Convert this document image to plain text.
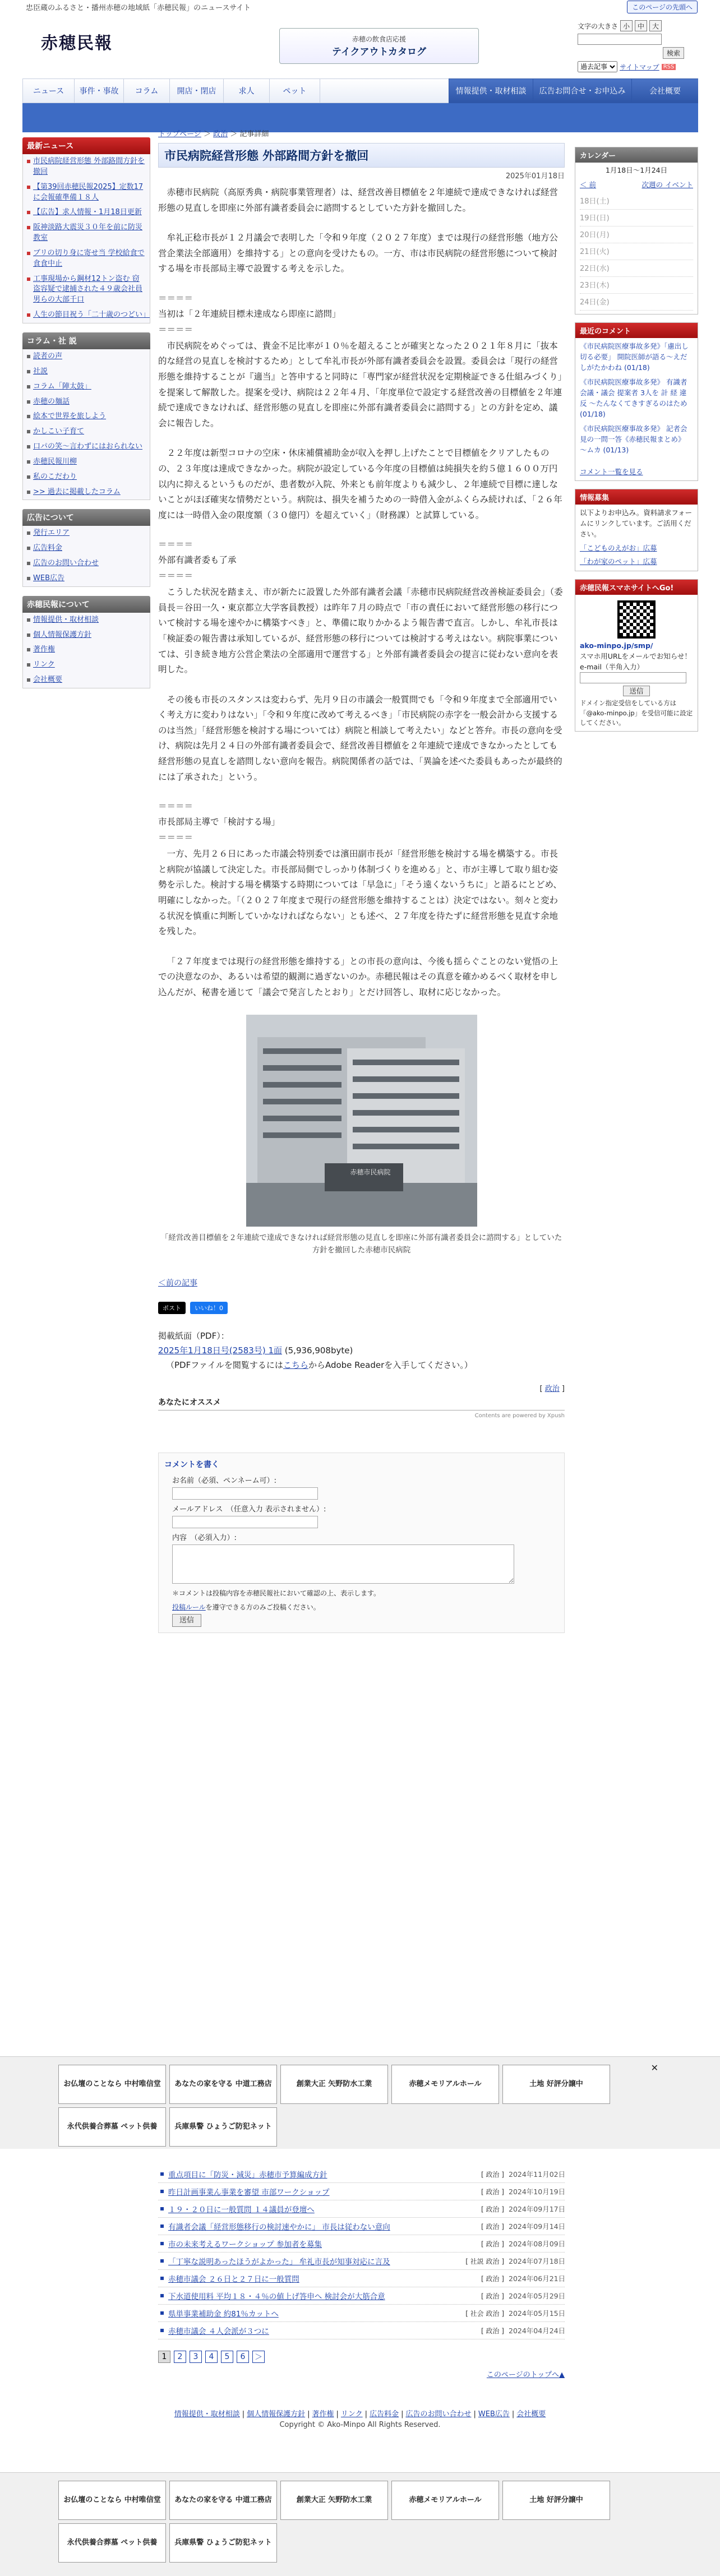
忠臣蔵のふるさと・播州赤穂の地域紙「赤穂民報」のニュースサイト	このページの先頭へ
赤穂民報	赤穂の飲食店応援
テイクアウトカタログ
文字の大きさ 小	中	大
検索
過去記事
サイトマップ RSS
ニュース	事件・事故	コラム	開店・閉店	求人	ペット	情報提供・取材相談	広告お問合せ・お申込み	会社概要
最新ニュース
市民病院経営形態 外部路間方針を撤回
【第39回赤穂民報2025】定数17に会報確準備１８人
【広告】求人情報・1月18日更新
阪神淡路大震災３０年を前に防災教室
ブリの切り身に寄せ当 学校給食で食食中止
工事現場から鋼材12トン盗む 窃盗容疑で逮捕された４９歳会社員男らの大部千口
人生の節目祝う「二十歳のつどい」
コラム・社 説
読者の声
社説
コラム「陣太鼓」
赤穂の麺話
絵本で世界を旅しよう
かしこい子育て
口パの笑〜言わずにはおられない
赤穂民報川柳
私のこだわり
>> 過去に掲載したコラム
広告について
発行エリア
広告料金
広告のお問い合わせ
WEB広告
赤穂民報について
情報提供・取材相談
個人情報保護方針
著作権
リンク
会社概要
トップページ ＞ 政治 ＞ 記事詳細
市民病院経営形態 外部路間方針を撤回
2025年01月18日

赤穂市民病院（高原秀典・病院事業管理者）は、経営改善目標値を２年連続で達成できなければ経営形態の見直しを即座に外部有識者委員会に諮問するとしていた方針を撤回した。

牟礼正稔市長が１２月議会で表明した「令和９年度（２０２７年度）までは現行の経営形態（地方公営企業法全部適用）を維持する」との意向を受けたもの。一方、市は市民病院の経営形態について検討する場を市長部局主導で設置する考えを示した。

＝＝＝＝
当初は「２年連続目標未達成なら即座に諮問」
＝＝＝＝

市民病院をめぐっては、貴金不足比率が１０％を超えることが確実となった２０２１年８月に「抜本的な経営の見直しを検討するため」として牟礼市長が外部有識者委員会を設置。委員会は「現行の経営形態を維持することが『適当』と答申すると同時に「専門家が経営状況を定期検証できる仕組みづくり」を提案して解散した。提案を受け、病院は２２年４月、「年度単位で設定する経営改善の目標値を２年連続で達成できなければ、経営形態の見直しを即座に外部有識者委員会に諮問する」との方針を定め、議会に報告した。

２２年度は新型コロナの空床・休床補償補助金が収入を押し上げたことで目標値をクリアしたものの、２３年度は達成できなかった。病院が設定している今年度の目標値は純損失を約５億１６００万円以内に抑えるというものだが、患者数が入院、外来とも前年度よりも減少し、２年連続で目標に達しないことがほぼ確実な情勢だという。病院は、損失を補うための一時借入金がふくらみ続ければ、「２６年度には一時借入金の限度額（３０億円）を超えていく」（財務課）と試算している。

＝＝＝＝
外部有識者委も了承
＝＝＝＝

こうした状況を踏まえ、市が新たに設置した外部有識者会議「赤穂市民病院経営改善検証委員会」（委員長＝谷田一久・東京都立大学客員教授）は昨年７月の時点で「市の責任において経営形態の移行について検討する場を速やかに構築すべき」と、準備に取りかかるよう報告書で直言。しかし、牟礼市長は「検証委の報告書は承知しているが、経営形態の移行については検討する考えはない。病院事業については、引き続き地方公営企業法の全部適用で運営する」と外部有識者委員会の提言に従わない意向を表明した。

その後も市長のスタンスは変わらず、先月９日の市議会一般質問でも「令和９年度まで全部適用でいく考え方に変わりはない」「令和９年度に改めて考えるべき」「市民病院の赤字を一般会計から支援するのは当然」「経営形態を検討する場については）病院と相談して考えたい」などと答弁。市長の意向を受け、病院は先月２４日の外部有識者委員会で、経営改善目標値を２年連続で達成できなかったとしても経営形態の見直しを諮問しない意向を報告。病院関係者の話では、「異論を述べた委員もあったが最終的には了承された」という。

＝＝＝＝
市長部局主導で「検討する場」
＝＝＝＝

一方、先月２６日にあった市議会特別委では濱田副市長が「経営形態を検討する場を構築する。市長と病院が協議して決定した。市長部局側でしっかり体制づくりを進める」と、市が主導して取り組む姿勢を示した。検討する場を構築する時期については「早急に」「そう遠くないうちに」と語るにとどめ、明確にしなかった。「（２０２７年度まで現行の経営形態を維持することは）決定ではない。刻々と変わる状況を慎重に判断していかなければならない」とも述べ、２７年度を待たずに経営形態を見直す余地を残した。

「２７年度までは現行の経営形態を維持する」との市長の意向は、今後も揺らぐことのない覚悟の上での決意なのか、あるいは希望的観測に過ぎないのか。赤穂民報はその真意を確かめるべく取材を申し込んだが、秘書を通じて「議会で発言したとおり」とだけ回答し、取材に応じなかった。

赤穂市民病院
「経営改善目標値を２年連続で達成できなければ経営形態の見直しを即座に外部有識者委員会に諮問する」としていた方針を撤回した赤穂市民病院
＜前の記事
ポスト	いいね！0
掲載紙面（PDF）：
2025年1月18日号(2583号) 1面 (5,936,908byte)
（PDFファイルを閲覧するにはこちらからAdobe Readerを入手してください。）
[ 政治 ]
あなたにオススメ
Contents are powered by Xpush
コメントを書く
お名前（必須、ペンネーム可）:
メールアドレス　（任意入力 表示されません）:
内容　（必須入力）:
＊コメントは投稿内容を赤穂民報社において確認の上、表示します。
投稿ルールを遵守できる方のみご投稿ください。
送信
カレンダー
1月18日〜1月24日
＜ 前	次週の イベント
18日(土)
19日(日)
20日(月)
21日(火)
22日(水)
23日(木)
24日(金)
最近のコメント
《市民病院医療事故多発》「慮出し切る必要」 開院医師が語る〜えだしがたかわね (01/18)
《市民病院医療事故多発》 有識者会議・議会 提案者 3人を 計 経 違反 〜たんなくてきすぎるのはため (01/18)
《市民病院医療事故多発》 記者会見の一問一答《赤穂民報まとめ》 〜ムカ (01/13)
コメント一覧を見る
情報募集
以下よりお申込み。資料請求フォームにリンクしています。ご活用ください。
「こどものえがお」広募
「わが家のペット」広募
赤穂民報スマホサイトへGo!
ako-minpo.jp/smp/
スマホ用URLをメールでお知らせ！
e-mail（半角入力）
送信
ドメイン指定受信をしている方は「@ako-minpo.jp」を受信可能に設定してください。
お仏壇のことなら 中村唯信堂	あなたの家を守る 中道工務店	創業大正 矢野防水工業	赤穂メモリアルホール	土地 好評分譲中
永代供養合葬墓 ペット供養	兵庫県警 ひょうご防犯ネット
✕
重点項目に「防災・減災」赤穂市予算編成方針	[ 政治 ] 2024年11月02日
昨日計画事業ん事業を審望 市部ワークショップ	[ 政治 ] 2024年10月19日
１９・２０日に一般質問 １４議員が登壇へ	[ 政治 ] 2024年09月17日
有識者会議「経営形態移行の検討速やかに」 市長は従わない意向	[ 政治 ] 2024年09月14日
市の未来考えるワークショップ 参加者を募集	[ 政治 ] 2024年08月09日
「丁寧な説明あったほうがよかった」 牟礼市長が知事対応に言及	[ 社説 政治 ] 2024年07月18日
赤穂市議会 ２６日と２７日に一般質問	[ 政治 ] 2024年06月21日
下水道使用料 平均１８・４％の値上げ答申へ 検討会が大筋合意	[ 政治 ] 2024年05月29日
県単事業補助金 約81％カットへ	[ 社会 政治 ] 2024年05月15日
赤穂市議会 ４人会派が３つに	[ 政治 ] 2024年04月24日
1	2	3	4	5	6	＞
このページのトップへ▲
情報提供・取材相談 | 個人情報保護方針 | 著作権 | リンク | 広告料金 | 広告のお問い合わせ | WEB広告 | 会社概要
Copyright © Ako-Minpo All Rights Reserved.
お仏壇のことなら 中村唯信堂	あなたの家を守る 中道工務店	創業大正 矢野防水工業	赤穂メモリアルホール	土地 好評分譲中
永代供養合葬墓 ペット供養	兵庫県警 ひょうご防犯ネット
